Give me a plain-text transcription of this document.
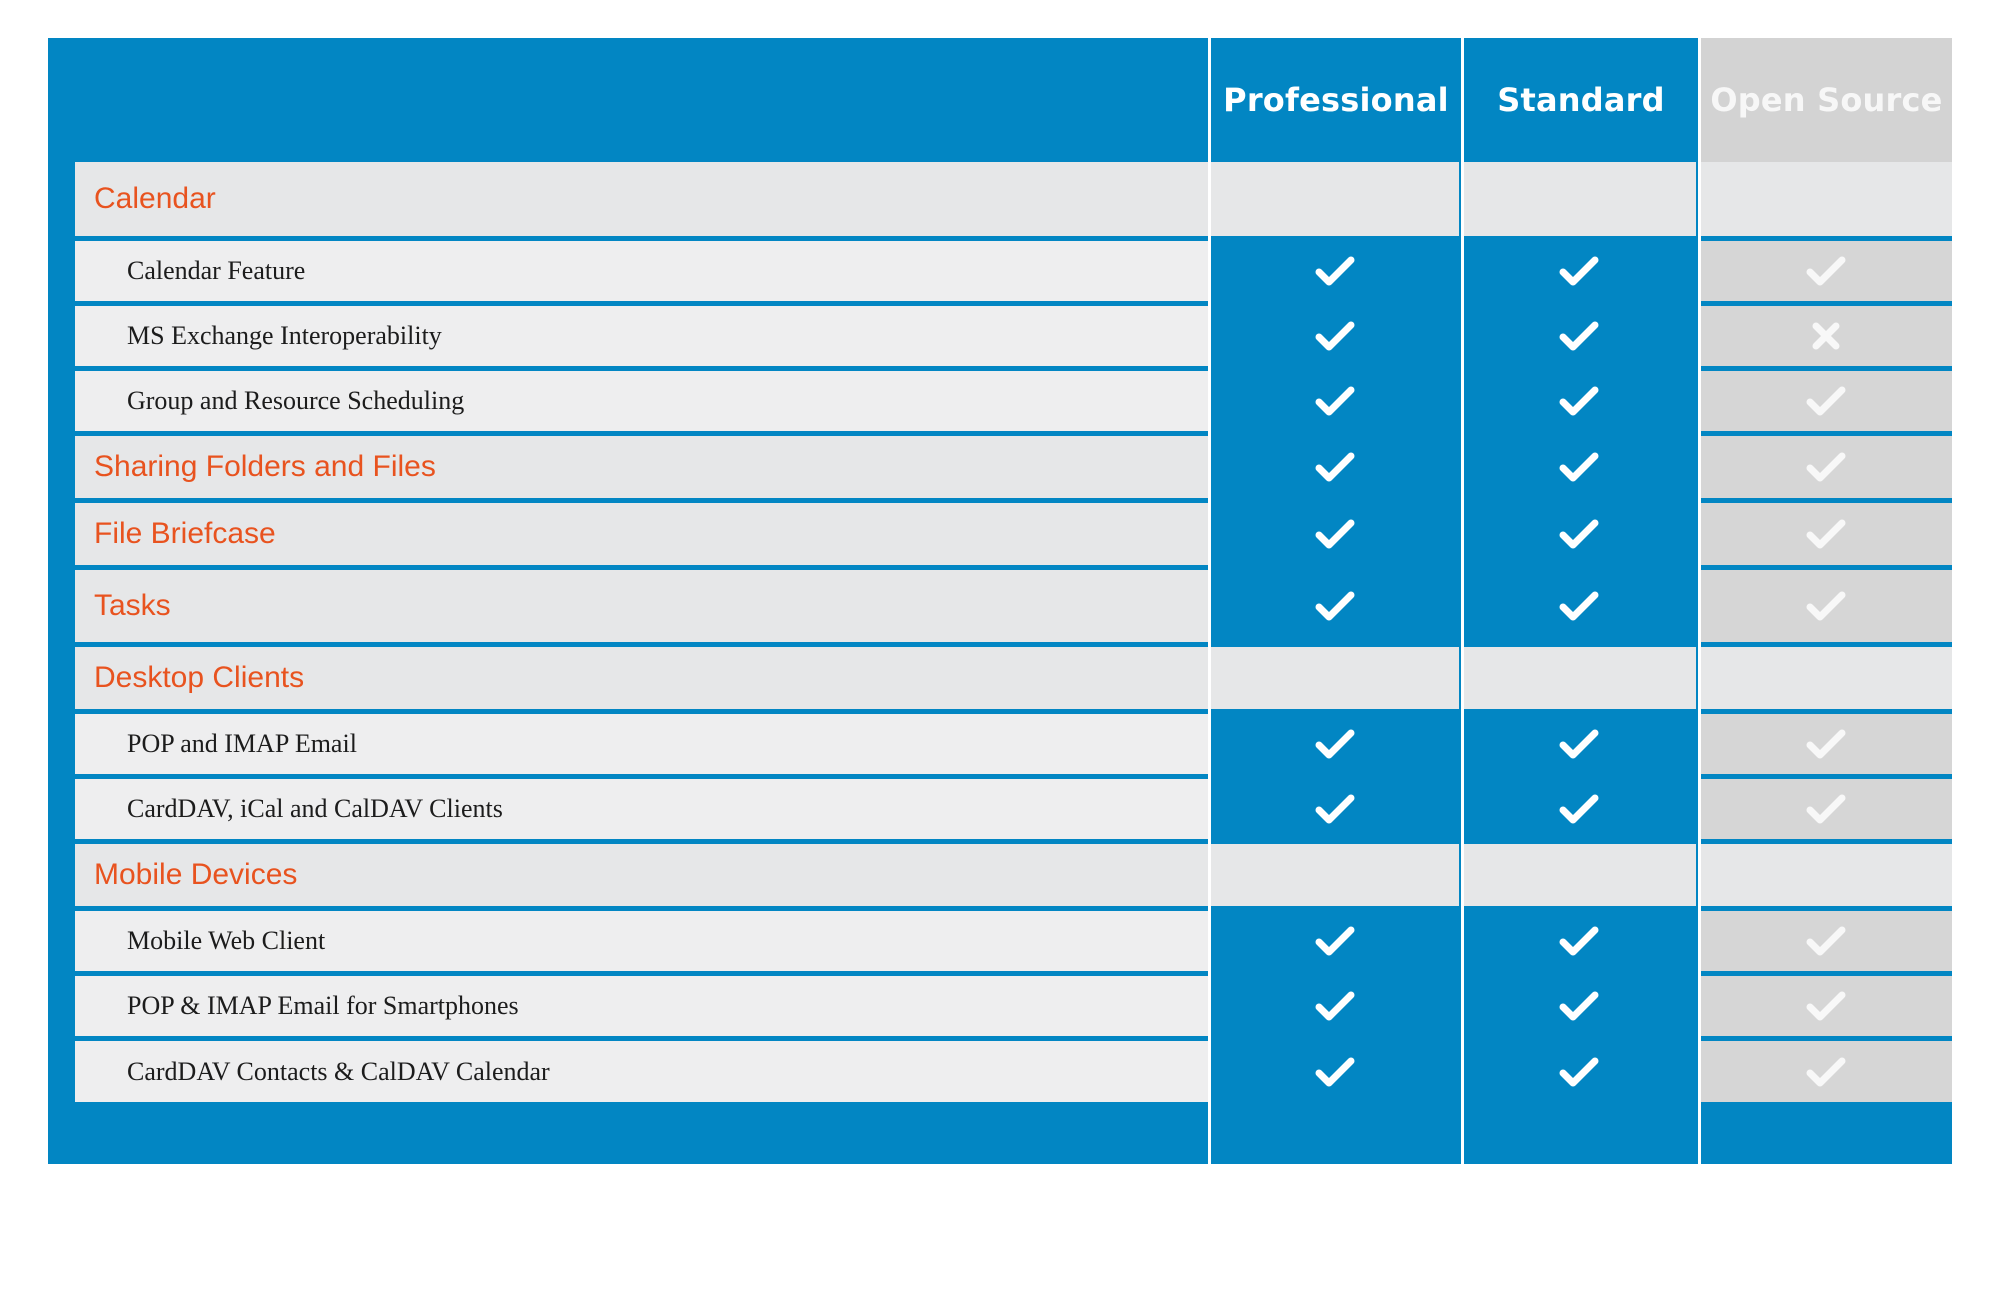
Professional	Standard	Open Source
Calendar
Calendar Feature
MS Exchange Interoperability
Group and Resource Scheduling
Sharing Folders and Files
File Briefcase
Tasks
Desktop Clients
POP and IMAP Email
CardDAV, iCal and CalDAV Clients
Mobile Devices
Mobile Web Client
POP & IMAP Email for Smartphones
CardDAV Contacts & CalDAV Calendar
